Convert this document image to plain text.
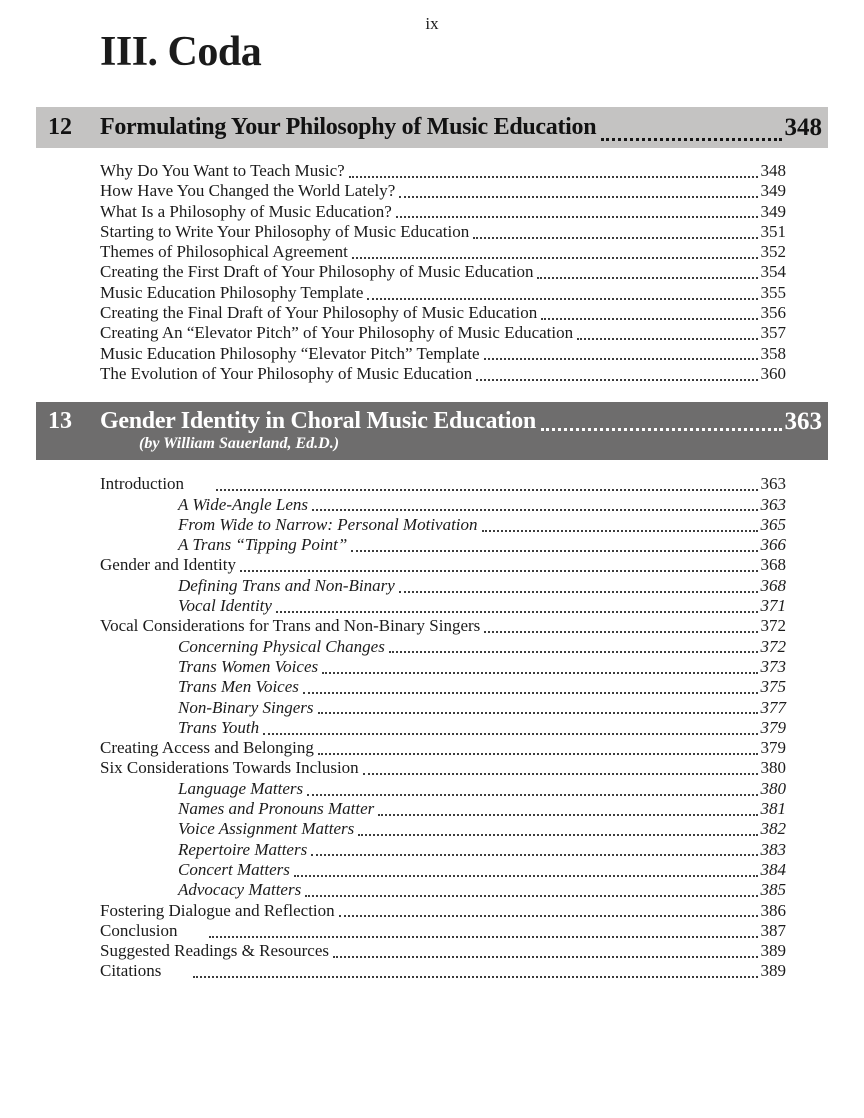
ix
III. Coda
12	Formulating Your Philosophy of Music Education	348
Why Do You Want to Teach Music?	348
How Have You Changed the World Lately?	349
What Is a Philosophy of Music Education?	349
Starting to Write Your Philosophy of Music Education	351
Themes of Philosophical Agreement	352
Creating the First Draft of Your Philosophy of Music Education	354
Music Education Philosophy Template	355
Creating the Final Draft of Your Philosophy of Music Education	356
Creating An “Elevator Pitch” of Your Philosophy of Music Education	357
Music Education Philosophy “Elevator Pitch” Template	358
The Evolution of Your Philosophy of Music Education	360
13	Gender Identity in Choral Music Education	363
(by William Sauerland, Ed.D.)
Introduction	363
A Wide-Angle Lens	363
From Wide to Narrow: Personal Motivation	365
A Trans “Tipping Point”	366
Gender and Identity	368
Defining Trans and Non-Binary	368
Vocal Identity	371
Vocal Considerations for Trans and Non-Binary Singers	372
Concerning Physical Changes	372
Trans Women Voices	373
Trans Men Voices	375
Non-Binary Singers	377
Trans Youth	379
Creating Access and Belonging	379
Six Considerations Towards Inclusion	380
Language Matters	380
Names and Pronouns Matter	381
Voice Assignment Matters	382
Repertoire Matters	383
Concert Matters	384
Advocacy Matters	385
Fostering Dialogue and Reflection	386
Conclusion	387
Suggested Readings & Resources	389
Citations	389
